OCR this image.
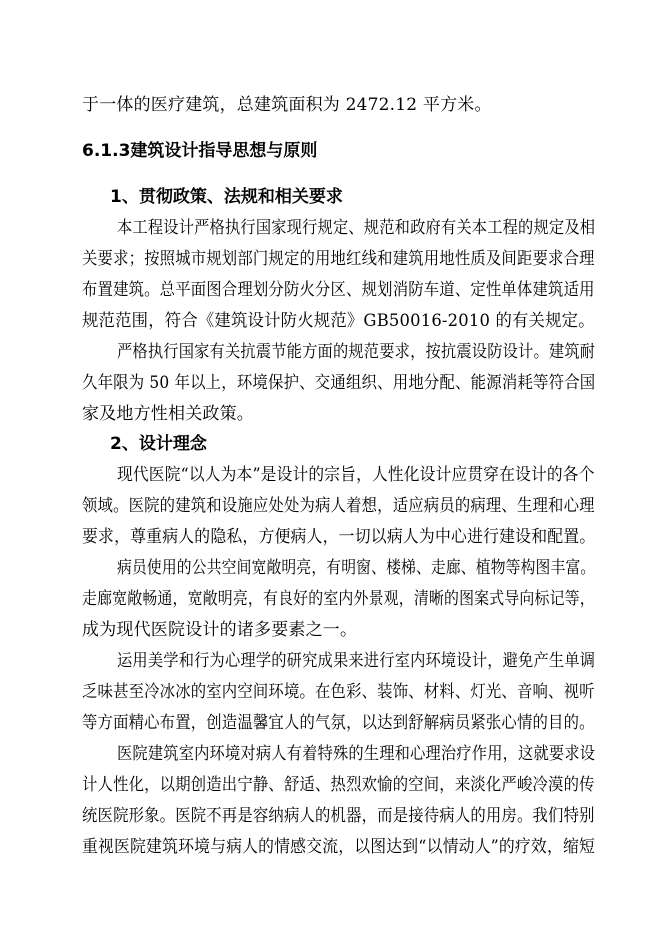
于一体的医疗建筑，总建筑面积为 2472.12 平方米。
6.1.3建筑设计指导思想与原则
1、贯彻政策、法规和相关要求
本工程设计严格执行国家现行规定、规范和政府有关本工程的规定及相
关要求；按照城市规划部门规定的用地红线和建筑用地性质及间距要求合理
布置建筑。总平面图合理划分防火分区、规划消防车道、定性单体建筑适用
规范范围，符合《建筑设计防火规范》GB50016-2010 的有关规定。
严格执行国家有关抗震节能方面的规范要求，按抗震设防设计。建筑耐
久年限为 50 年以上，环境保护、交通组织、用地分配、能源消耗等符合国
家及地方性相关政策。
2、设计理念
现代医院“以人为本”是设计的宗旨，人性化设计应贯穿在设计的各个
领域。医院的建筑和设施应处处为病人着想，适应病员的病理、生理和心理
要求，尊重病人的隐私，方便病人，一切以病人为中心进行建设和配置。
病员使用的公共空间宽敞明亮，有明窗、楼梯、走廊、植物等构图丰富。
走廊宽敞畅通，宽敞明亮，有良好的室内外景观，清晰的图案式导向标记等，
成为现代医院设计的诸多要素之一。
运用美学和行为心理学的研究成果来进行室内环境设计，避免产生单调
乏味甚至冷冰冰的室内空间环境。在色彩、装饰、材料、灯光、音响、视听
等方面精心布置，创造温馨宜人的气氛，以达到舒解病员紧张心情的目的。
医院建筑室内环境对病人有着特殊的生理和心理治疗作用，这就要求设
计人性化，以期创造出宁静、舒适、热烈欢愉的空间，来淡化严峻冷漠的传
统医院形象。医院不再是容纳病人的机器，而是接待病人的用房。我们特别
重视医院建筑环境与病人的情感交流，以图达到“以情动人”的疗效，缩短
